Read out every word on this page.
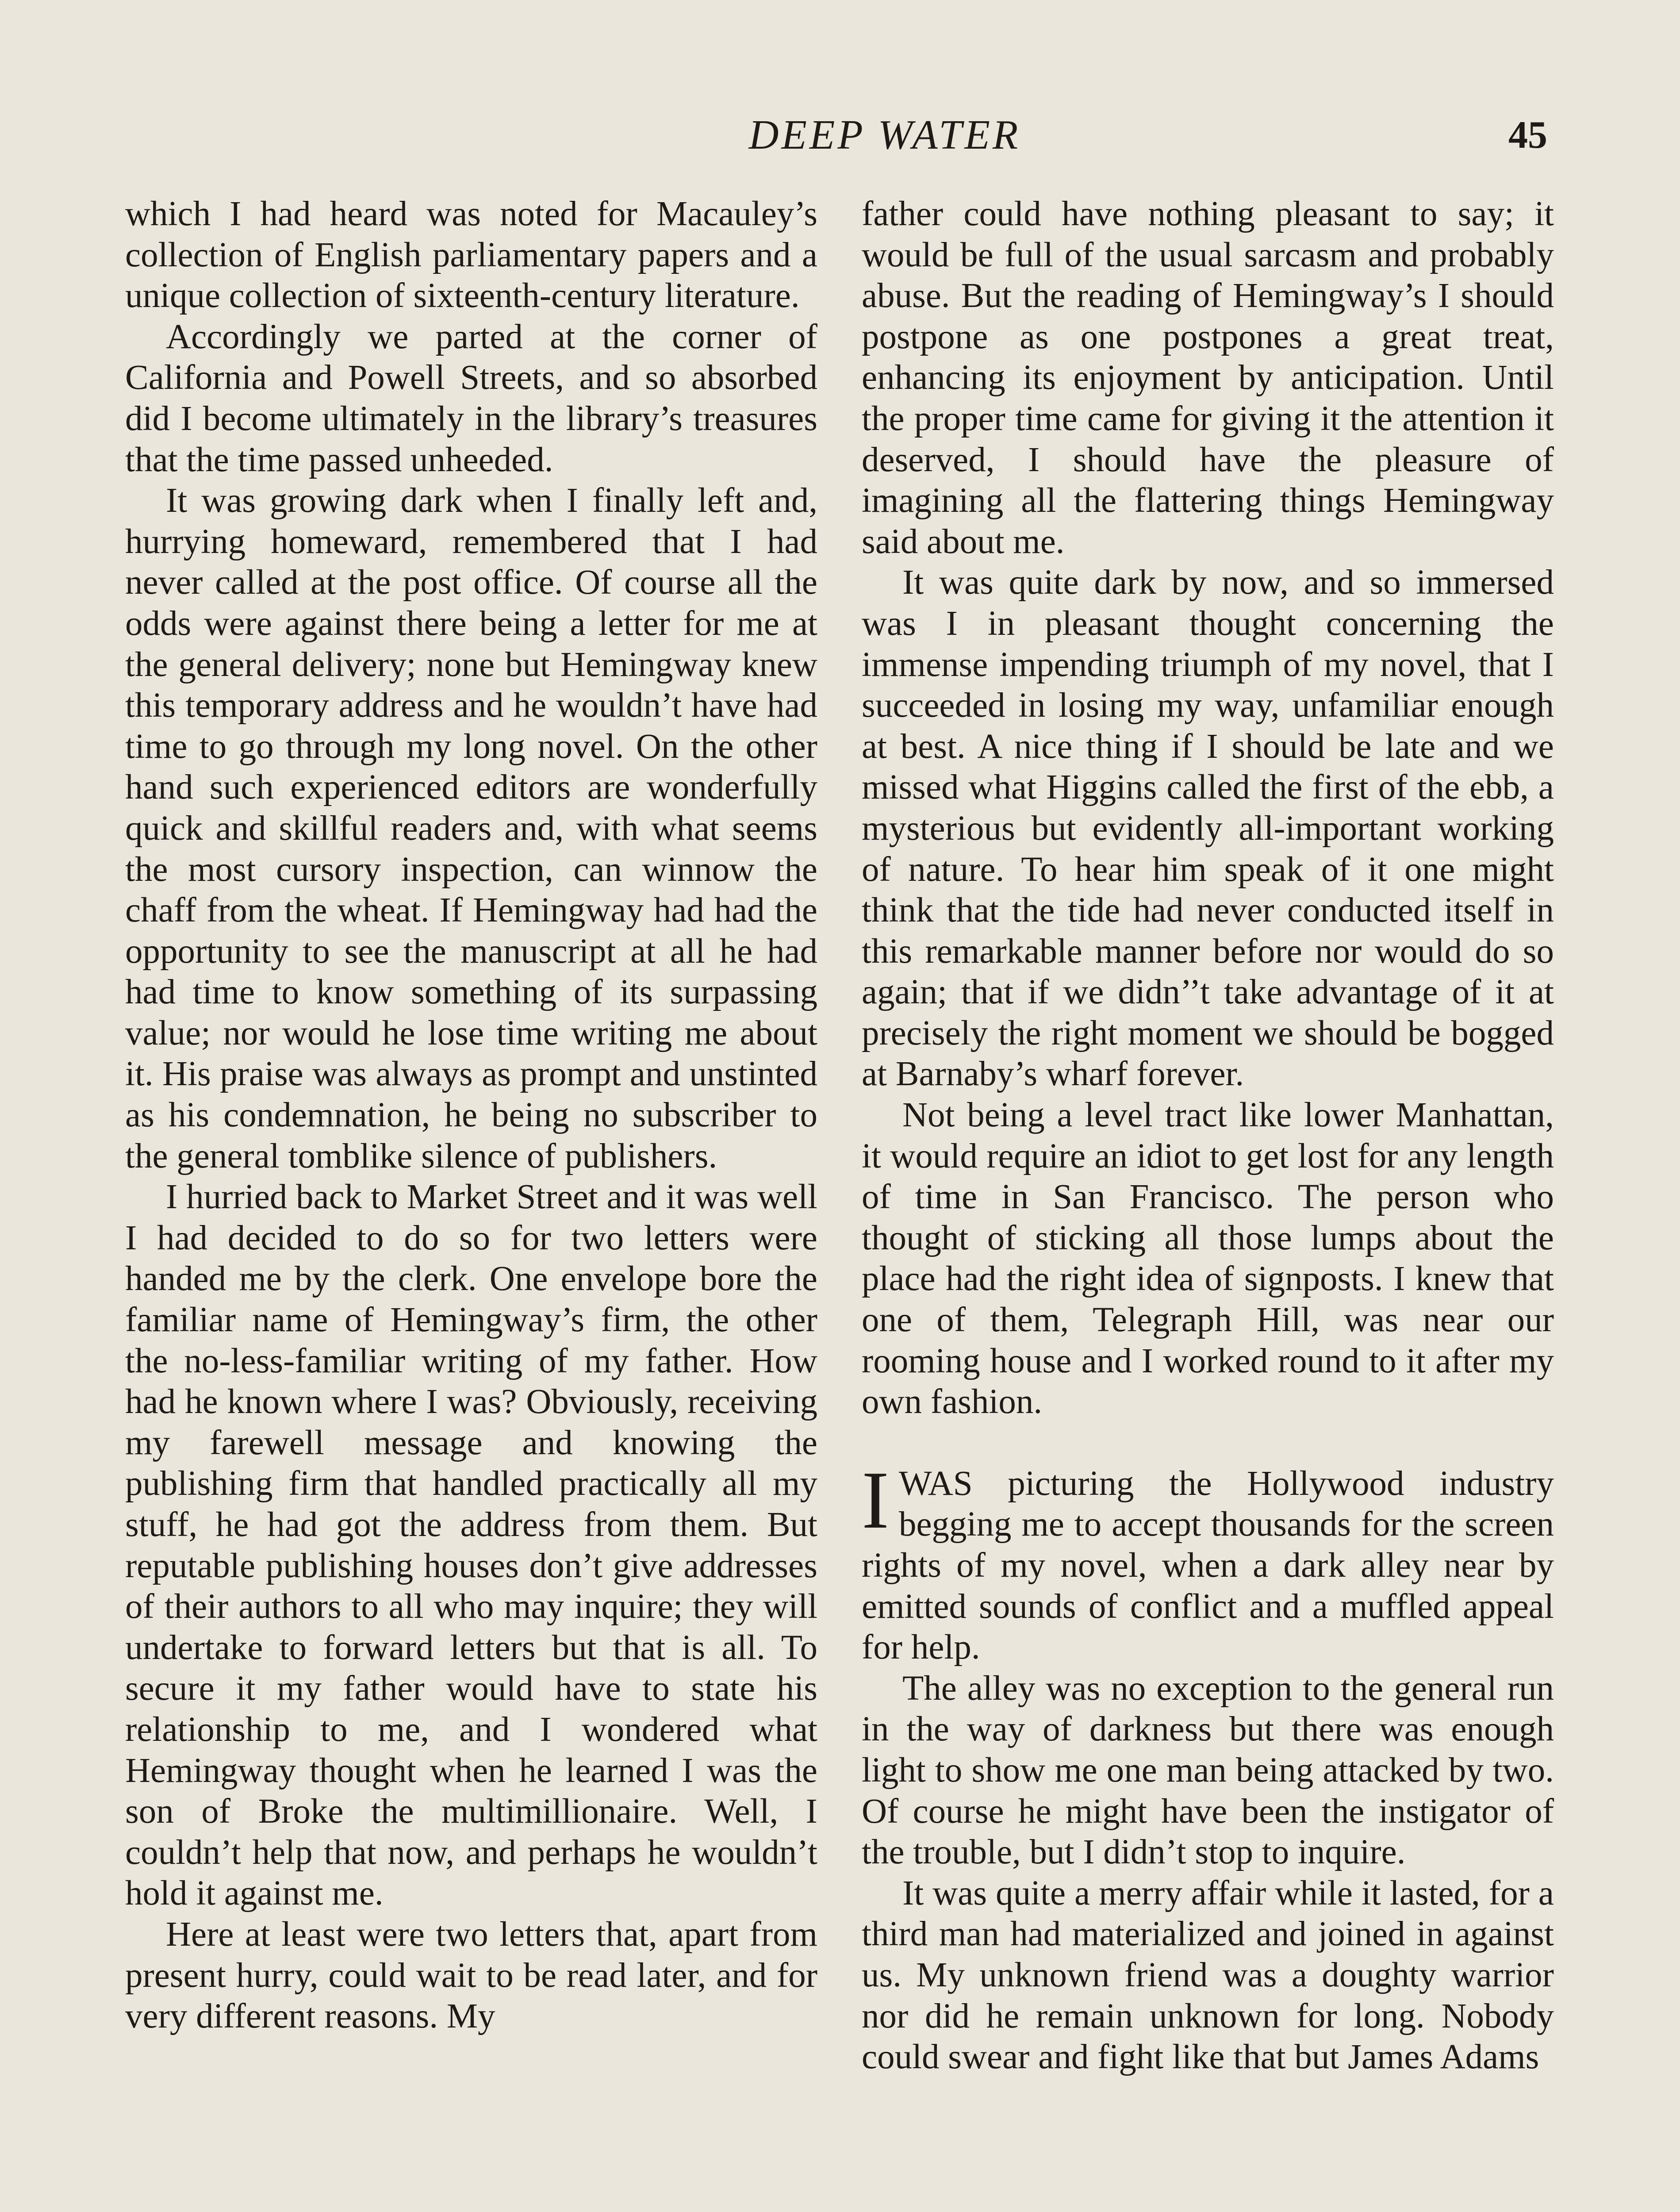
DEEP WATER	45

which I had heard was noted for Macauley’s collection of English parliamentary papers and a unique collection of sixteenth-century literature.

Accordingly we parted at the corner of California and Powell Streets, and so absorbed did I become ultimately in the library’s treasures that the time passed unheeded.

It was growing dark when I finally left and, hurrying homeward, remembered that I had never called at the post office. Of course all the odds were against there being a letter for me at the general delivery; none but Hemingway knew this temporary address and he wouldn’t have had time to go through my long novel. On the other hand such experienced editors are wonderfully quick and skillful readers and, with what seems the most cursory inspection, can winnow the chaff from the wheat. If Hemingway had had the opportunity to see the manuscript at all he had had time to know something of its surpassing value; nor would he lose time writing me about it. His praise was always as prompt and unstinted as his condemnation, he being no subscriber to the general tomblike silence of publishers.

I hurried back to Market Street and it was well I had decided to do so for two letters were handed me by the clerk. One envelope bore the familiar name of Hemingway’s firm, the other the no-less-familiar writing of my father. How had he known where I was? Obviously, receiving my farewell message and knowing the publishing firm that handled practically all my stuff, he had got the address from them. But reputable publishing houses don’t give addresses of their authors to all who may inquire; they will undertake to forward letters but that is all. To secure it my father would have to state his relationship to me, and I wondered what Hemingway thought when he learned I was the son of Broke the multimillionaire. Well, I couldn’t help that now, and perhaps he wouldn’t hold it against me.

Here at least were two letters that, apart from present hurry, could wait to be read later, and for very different reasons. My

father could have nothing pleasant to say; it would be full of the usual sarcasm and probably abuse. But the reading of Hemingway’s I should postpone as one postpones a great treat, enhancing its enjoyment by anticipation. Until the proper time came for giving it the attention it deserved, I should have the pleasure of imagining all the flattering things Hemingway said about me.

It was quite dark by now, and so immersed was I in pleasant thought concerning the immense impending triumph of my novel, that I succeeded in losing my way, unfamiliar enough at best. A nice thing if I should be late and we missed what Higgins called the first of the ebb, a mysterious but evidently all-important working of nature. To hear him speak of it one might think that the tide had never conducted itself in this remarkable manner before nor would do so again; that if we didn’’t take advantage of it at precisely the right moment we should be bogged at Barnaby’s wharf forever.

Not being a level tract like lower Manhattan, it would require an idiot to get lost for any length of time in San Francisco. The person who thought of sticking all those lumps about the place had the right idea of signposts. I knew that one of them, Telegraph Hill, was near our rooming house and I worked round to it after my own fashion.

I WAS picturing the Hollywood industry begging me to accept thousands for the screen rights of my novel, when a dark alley near by emitted sounds of conflict and a muffled appeal for help.

The alley was no exception to the general run in the way of darkness but there was enough light to show me one man being attacked by two. Of course he might have been the instigator of the trouble, but I didn’t stop to inquire.

It was quite a merry affair while it lasted, for a third man had materialized and joined in against us. My unknown friend was a doughty warrior nor did he remain unknown for long. Nobody could swear and fight like that but James Adams
